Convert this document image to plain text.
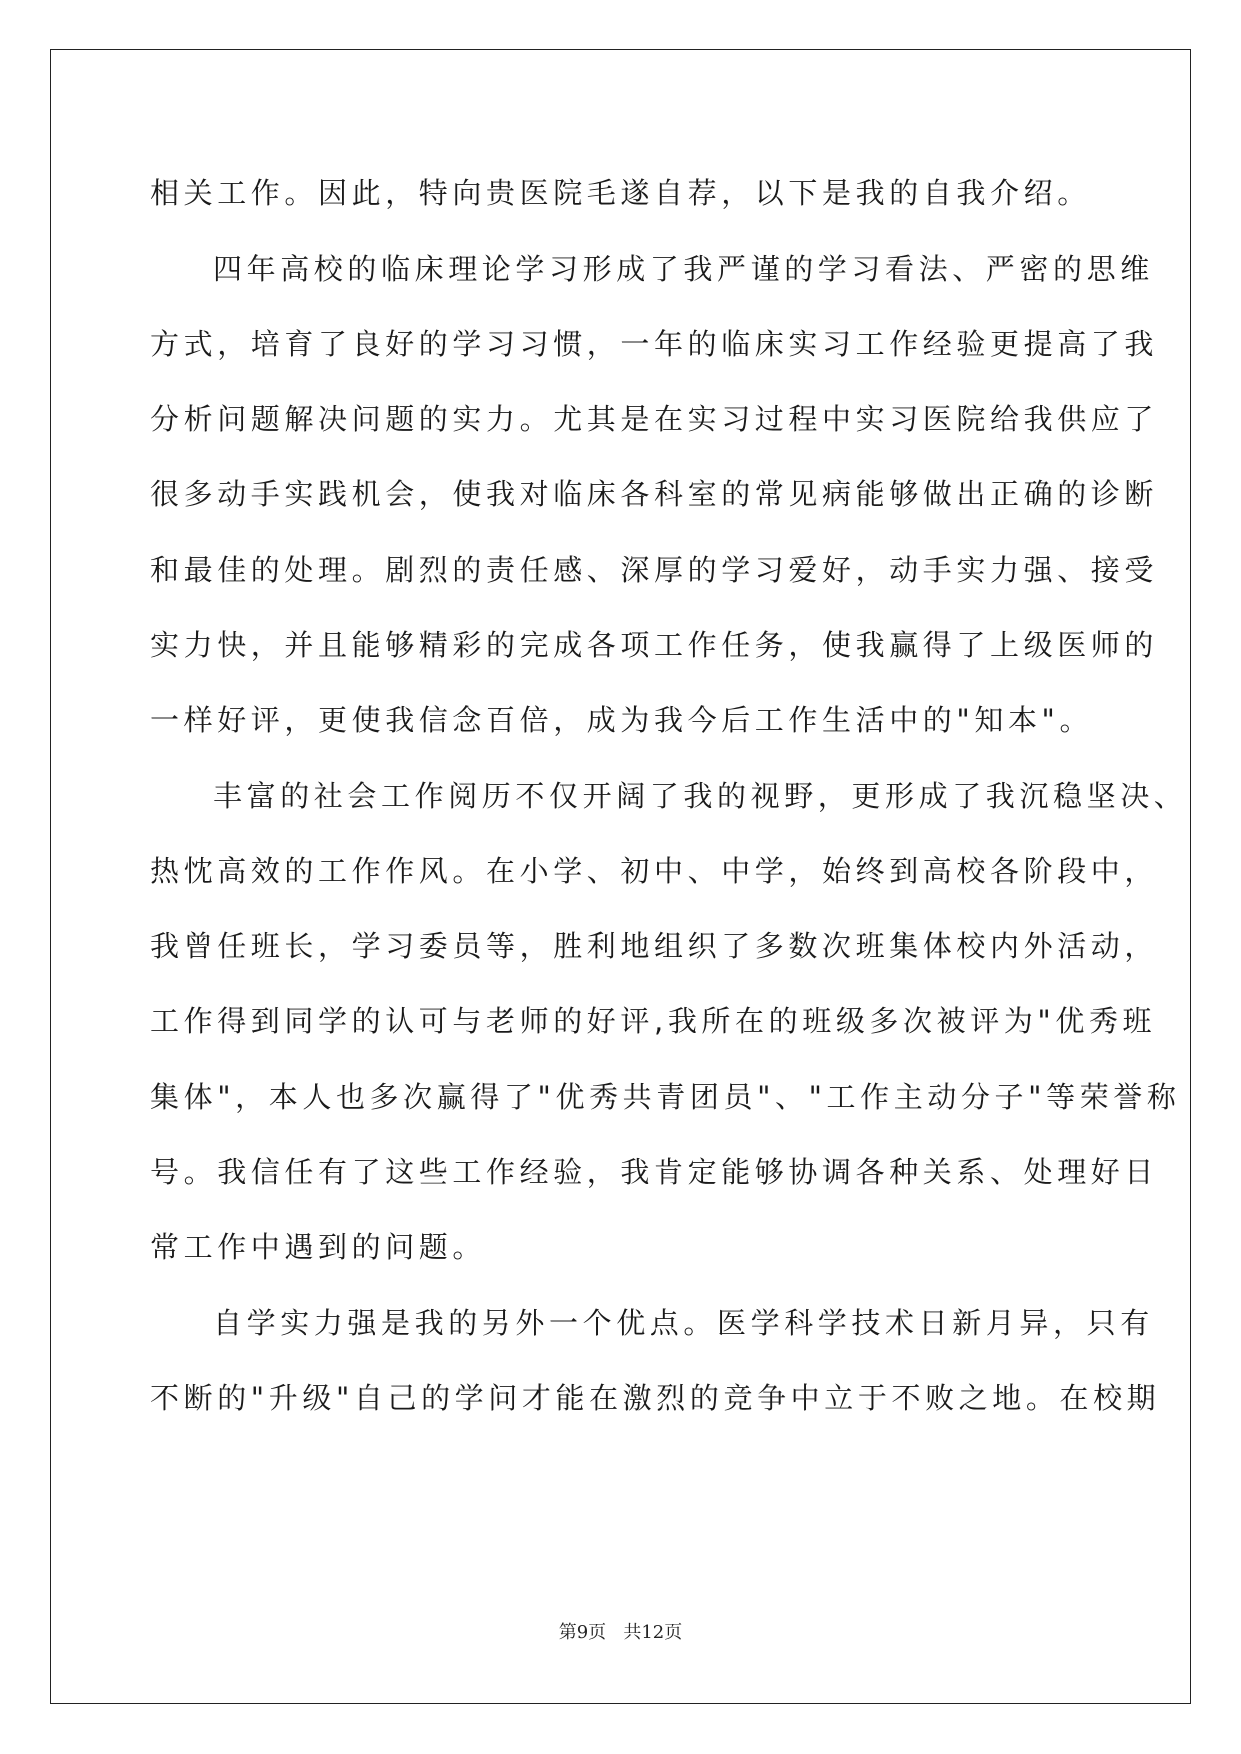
相关工作。因此，特向贵医院毛遂自荐，以下是我的自我介绍。
四年高校的临床理论学习形成了我严谨的学习看法、严密的思维
方式，培育了良好的学习习惯，一年的临床实习工作经验更提高了我
分析问题解决问题的实力。尤其是在实习过程中实习医院给我供应了
很多动手实践机会，使我对临床各科室的常见病能够做出正确的诊断
和最佳的处理。剧烈的责任感、深厚的学习爱好，动手实力强、接受
实力快，并且能够精彩的完成各项工作任务，使我赢得了上级医师的
一样好评，更使我信念百倍，成为我今后工作生活中的"知本"。
丰富的社会工作阅历不仅开阔了我的视野，更形成了我沉稳坚决、
热忱高效的工作作风。在小学、初中、中学，始终到高校各阶段中，
我曾任班长，学习委员等，胜利地组织了多数次班集体校内外活动，
工作得到同学的认可与老师的好评,我所在的班级多次被评为"优秀班
集体"，本人也多次赢得了"优秀共青团员"、"工作主动分子"等荣誉称
号。我信任有了这些工作经验，我肯定能够协调各种关系、处理好日
常工作中遇到的问题。
自学实力强是我的另外一个优点。医学科学技术日新月异，只有
不断的"升级"自己的学问才能在激烈的竞争中立于不败之地。在校期
第9页 共12页
